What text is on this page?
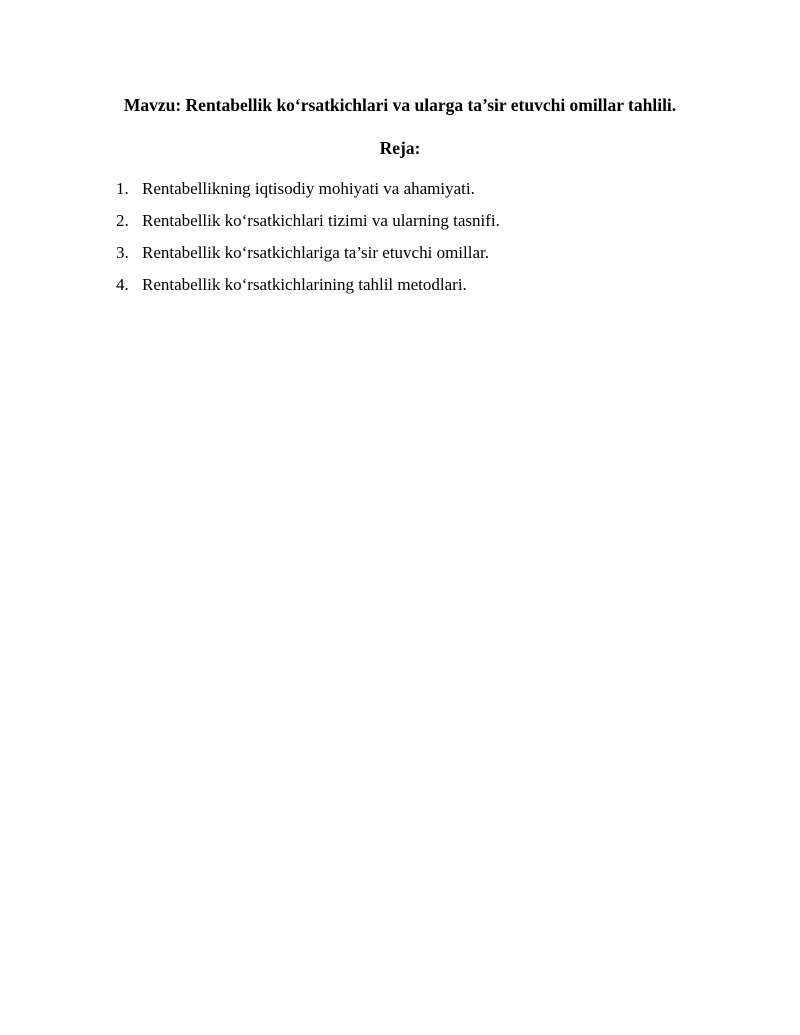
Mavzu: Rentabellik ko‘rsatkichlari va ularga ta’sir etuvchi omillar tahlili.
Reja:
1. Rentabellikning iqtisodiy mohiyati va ahamiyati.
2. Rentabellik ko‘rsatkichlari tizimi va ularning tasnifi.
3. Rentabellik ko‘rsatkichlariga ta’sir etuvchi omillar.
4. Rentabellik ko‘rsatkichlarining tahlil metodlari.
